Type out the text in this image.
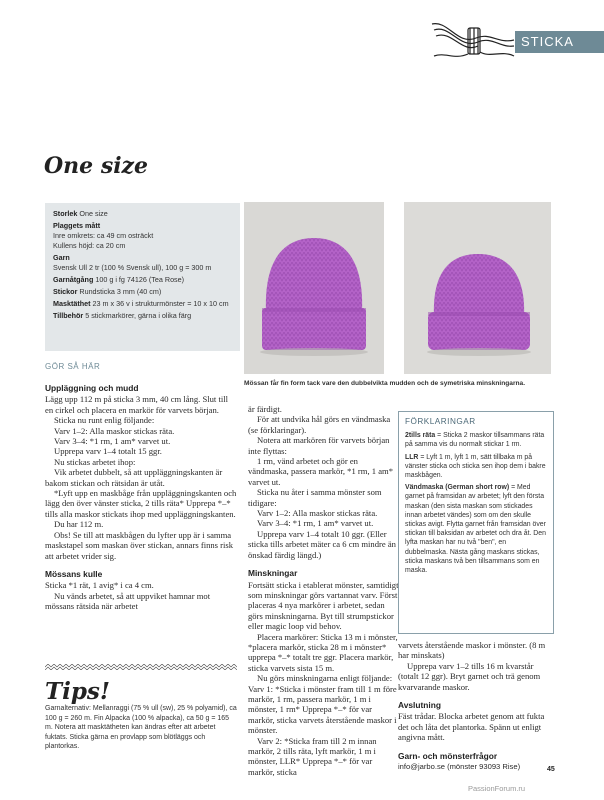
STICKA
One size
Storlek One size
Plaggets mått
Inre omkrets: ca 49 cm osträckt
Kullens höjd: ca 20 cm
Garn
Svensk Ull 2 tr (100 % Svensk ull), 100 g = 300 m
Garnåtgång 100 g i fg 74126 (Tea Rose)
Stickor Rundsticka 3 mm (40 cm)
Masktäthet 23 m x 36 v i strukturmönster = 10 x 10 cm
Tillbehör 5 stickmarkörer, gärna i olika färg
Mössan får fin form tack vare den dubbelvikta mudden och de symetriska minskningarna.
GÖR SÅ HÄR

Uppläggning och mudd

Lägg upp 112 m på sticka 3 mm, 40 cm lång. Slut till en cirkel och placera en markör för varvets början.

Sticka nu runt enlig följande:

Varv 1–2: Alla maskor stickas räta.

Varv 3–4: *1 rm, 1 am* varvet ut.

Upprepa varv 1–4 totalt 15 ggr.

Nu stickas arbetet ihop:

Vik arbetet dubbelt, så att uppläggningskanten är bakom stickan och rätsidan är utåt.

*Lyft upp en maskbåge från uppläggningskanten och lägg den över vänster sticka, 2 tills räta* Upprepa *–* tills alla maskor stickats ihop med uppläggningskanten.

Du har 112 m.

Obs! Se till att maskbågen du lyfter upp är i samma maskstapel som maskan över stickan, annars finns risk att arbetet vrider sig.

Mössans kulle

Sticka *1 rät, 1 avig* i ca 4 cm.

Nu vänds arbetet, så att uppviket hamnar mot mössans rätsida när arbetet

är färdigt.

För att undvika hål görs en vändmaska (se förklaringar).

Notera att markören för varvets början inte flyttas:

1 rm, vänd arbetet och gör en vändmaska, passera markör, *1 rm, 1 am* varvet ut.

Sticka nu åter i samma mönster som tidigare:

Varv 1–2: Alla maskor stickas räta.

Varv 3–4: *1 rm, 1 am* varvet ut.

Upprepa varv 1–4 totalt 10 ggr. (Eller sticka tills arbetet mäter ca 6 cm mindre än önskad färdig längd.)

Minskningar

Fortsätt sticka i etablerat mönster, samtidigt som minskningar görs vartannat varv. Först placeras 4 nya markörer i arbetet, sedan görs minskningarna. Byt till strumpstickor eller magic loop vid behov.

Placera markörer: Sticka 13 m i mönster, *placera markör, sticka 28 m i mönster* upprepa *–* totalt tre ggr. Placera markör, sticka varvets sista 15 m.

Nu görs minskningarna enligt följande:

Varv 1: *Sticka i mönster fram till 1 m före markör, 1 rm, passera markör, 1 m i mönster, 1 rm* Upprepa *–* för var markör, sticka varvets återstående maskor i mönster.

Varv 2: *Sticka fram till 2 m innan markör, 2 tills räta, lyft markör, 1 m i mönster, LLR* Upprepa *–* för var markör, sticka

FÖRKLARINGAR

2tills räta = Sticka 2 maskor tillsammans räta på samma vis du normalt stickar 1 rm.

LLR = Lyft 1 m, lyft 1 m, sätt tillbaka m på vänster sticka och sticka sen ihop dem i bakre maskbågen.

Vändmaska (German short row) = Med garnet på framsidan av arbetet; lyft den första maskan (den sista maskan som stickades innan arbetet vändes) som om den skulle stickas avigt. Flytta garnet från framsidan över stickan till baksidan av arbetet och dra åt. Den lyfta maskan har nu två "ben", en dubbelmaska. Nästa gång maskans stickas, sticka maskans två ben tillsammans som en maska.

varvets återstående maskor i mönster. (8 m har minskats)

Upprepa varv 1–2 tills 16 m kvarstår (totalt 12 ggr). Bryt garnet och trä genom kvarvarande maskor.

Avslutning

Fäst trådar. Blocka arbetet genom att fukta det och låta det plantorka. Spänn ut enligt angivna mått.

Garn- och mönsterfrågor

info@jarbo.se (mönster 93093 Rise)

Tips!
Garnalternativ: Mellanraggi (75 % ull (sw), 25 % polyamid), ca 100 g = 260 m. Fin Alpacka (100 % alpacka), ca 50 g = 165 m. Notera att masktätheten kan ändras efter att arbetet fuktats. Sticka gärna en provlapp som blötläggs och plantorkas.
45
PassionForum.ru
